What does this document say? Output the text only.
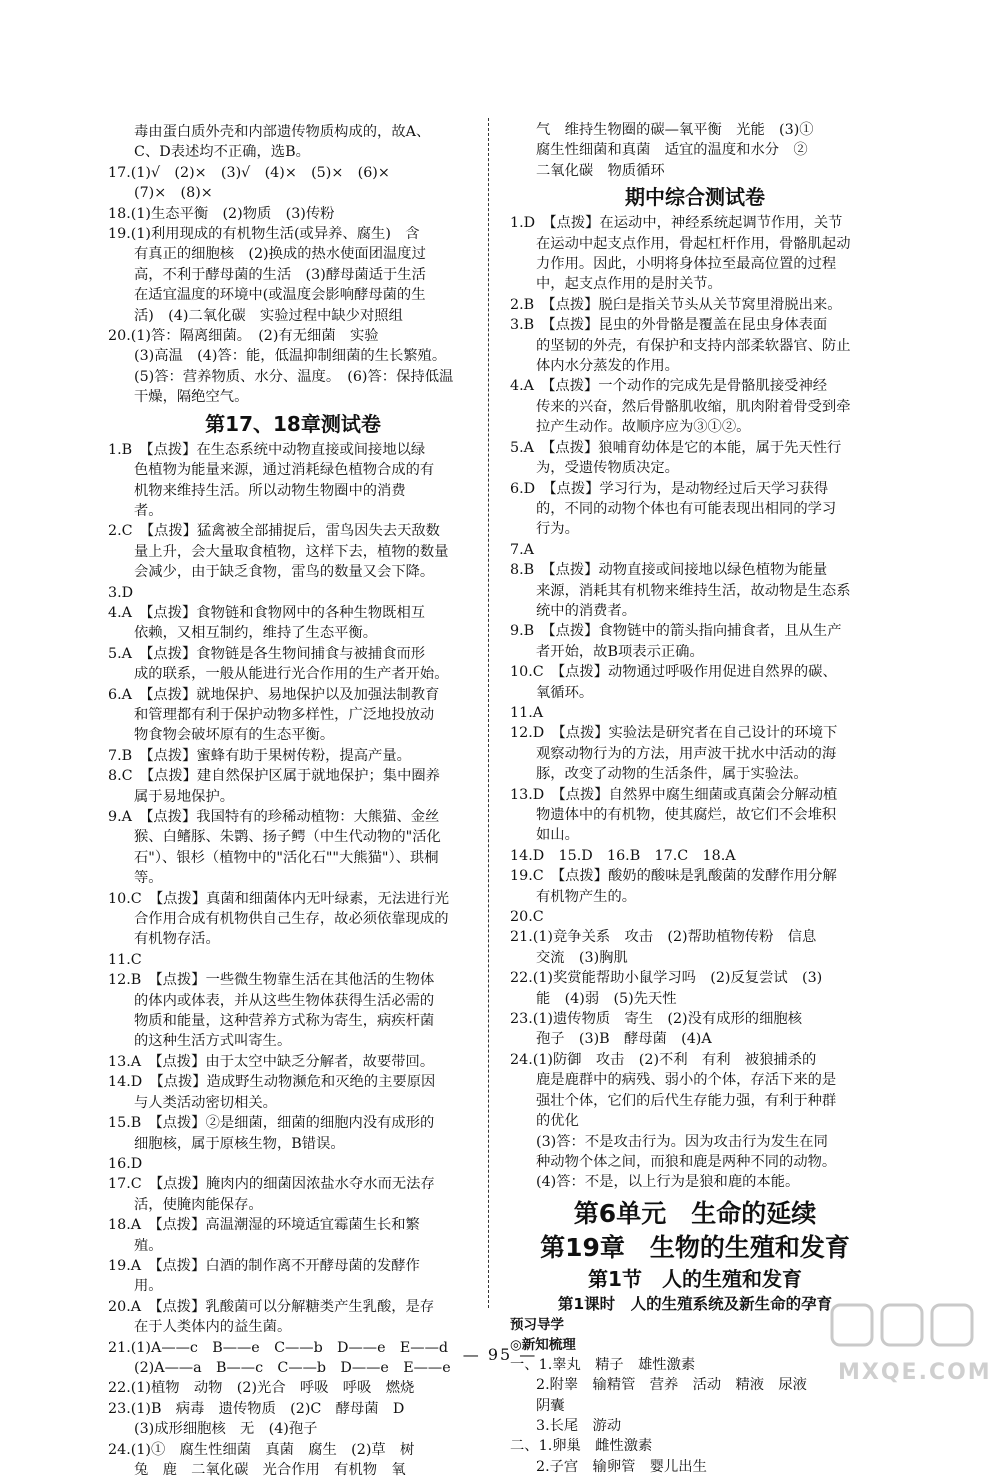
毒由蛋白质外壳和内部遗传物质构成的，故A、

C、D表述均不正确，选B。

17.(1)√　(2)×　(3)√　(4)×　(5)×　(6)×

(7)×　(8)×

18.(1)生态平衡　(2)物质　(3)传粉

19.(1)利用现成的有机物生活(或异养、腐生)　含

有真正的细胞核　(2)换成的热水使面团温度过

高，不利于酵母菌的生活　(3)酵母菌适于生活

在适宜温度的环境中(或温度会影响酵母菌的生

活)　(4)二氧化碳　实验过程中缺少对照组

20.(1)答：隔离细菌。　(2)有无细菌　实验

(3)高温　(4)答：能，低温抑制细菌的生长繁殖。

(5)答：营养物质、水分、温度。　(6)答：保持低温

干燥，隔绝空气。

第17、18章测试卷

1.B　【点拨】在生态系统中动物直接或间接地以绿

色植物为能量来源，通过消耗绿色植物合成的有

机物来维持生活。所以动物生物圈中的消费

者。

2.C　【点拨】猛禽被全部捕捉后，雷鸟因失去天敌数

量上升，会大量取食植物，这样下去，植物的数量

会减少，由于缺乏食物，雷鸟的数量又会下降。

3.D

4.A　【点拨】食物链和食物网中的各种生物既相互

依赖，又相互制约，维持了生态平衡。

5.A　【点拨】食物链是各生物间捕食与被捕食而形

成的联系，一般从能进行光合作用的生产者开始。

6.A　【点拨】就地保护、易地保护以及加强法制教育

和管理都有利于保护动物多样性，广泛地投放动

物食物会破坏原有的生态平衡。

7.B　【点拨】蜜蜂有助于果树传粉，提高产量。

8.C　【点拨】建自然保护区属于就地保护；集中圈养

属于易地保护。

9.A　【点拨】我国特有的珍稀动植物：大熊猫、金丝

猴、白鳍豚、朱鹮、扬子鳄（中生代动物的"活化

石"）、银杉（植物中的"活化石""大熊猫"）、珙桐

等。

10.C　【点拨】真菌和细菌体内无叶绿素，无法进行光

合作用合成有机物供自己生存，故必须依靠现成的

有机物存活。

11.C

12.B　【点拨】一些微生物靠生活在其他活的生物体

的体内或体表，并从这些生物体获得生活必需的

物质和能量，这种营养方式称为寄生，病疾杆菌

的这种生活方式叫寄生。

13.A　【点拨】由于太空中缺乏分解者，故要带回。

14.D　【点拨】造成野生动物濒危和灭绝的主要原因

与人类活动密切相关。

15.B　【点拨】②是细菌，细菌的细胞内没有成形的

细胞核，属于原核生物，B错误。

16.D

17.C　【点拨】腌肉内的细菌因浓盐水夺水而无法存

活，使腌肉能保存。

18.A　【点拨】高温潮湿的环境适宜霉菌生长和繁

殖。

19.A　【点拨】白酒的制作离不开酵母菌的发酵作

用。

20.A　【点拨】乳酸菌可以分解糖类产生乳酸，是存

在于人类体内的益生菌。

21.(1)A——c　B——e　C——b　D——e　E——d

(2)A——a　B——c　C——b　D——e　E——e

22.(1)植物　动物　(2)光合　呼吸　呼吸　燃烧

23.(1)B　病毒　遗传物质　(2)C　酵母菌　D

(3)成形细胞核　无　(4)孢子

24.(1)①　腐生性细菌　真菌　腐生　(2)草　树

兔　鹿　二氧化碳　光合作用　有机物　氧

气　维持生物圈的碳—氧平衡　光能　(3)①

腐生性细菌和真菌　适宜的温度和水分　②

二氧化碳　物质循环

期中综合测试卷

1.D　【点拨】在运动中，神经系统起调节作用，关节

在运动中起支点作用，骨起杠杆作用，骨骼肌起动

力作用。因此，小明将身体拉至最高位置的过程

中，起支点作用的是肘关节。

2.B　【点拨】脱臼是指关节头从关节窝里滑脱出来。

3.B　【点拨】昆虫的外骨骼是覆盖在昆虫身体表面

的坚韧的外壳，有保护和支持内部柔软器官、防止

体内水分蒸发的作用。

4.A　【点拨】一个动作的完成先是骨骼肌接受神经

传来的兴奋，然后骨骼肌收缩，肌肉附着骨受到牵

拉产生动作。故顺序应为③①②。

5.A　【点拨】狼哺育幼体是它的本能，属于先天性行

为，受遗传物质决定。

6.D　【点拨】学习行为，是动物经过后天学习获得

的，不同的动物个体也有可能表现出相同的学习

行为。

7.A

8.B　【点拨】动物直接或间接地以绿色植物为能量

来源，消耗其有机物来维持生活，故动物是生态系

统中的消费者。

9.B　【点拨】食物链中的箭头指向捕食者，且从生产

者开始，故B项表示正确。

10.C　【点拨】动物通过呼吸作用促进自然界的碳、

氧循环。

11.A

12.D　【点拨】实验法是研究者在自己设计的环境下

观察动物行为的方法，用声波干扰水中活动的海

豚，改变了动物的生活条件，属于实验法。

13.D　【点拨】自然界中腐生细菌或真菌会分解动植

物遗体中的有机物，使其腐烂，故它们不会堆积

如山。

14.D　15.D　16.B　17.C　18.A

19.C　【点拨】酸奶的酸味是乳酸菌的发酵作用分解

有机物产生的。

20.C

21.(1)竞争关系　攻击　(2)帮助植物传粉　信息

交流　(3)胸肌

22.(1)奖赏能帮助小鼠学习吗　(2)反复尝试　(3)

能　(4)弱　(5)先天性

23.(1)遗传物质　寄生　(2)没有成形的细胞核

孢子　(3)B　酵母菌　(4)A

24.(1)防御　攻击　(2)不利　有利　被狼捕杀的

鹿是鹿群中的病残、弱小的个体，存活下来的是

强壮个体，它们的后代生存能力强，有利于种群

的优化

(3)答：不是攻击行为。因为攻击行为发生在同

种动物个体之间，而狼和鹿是两种不同的动物。

(4)答：不是，以上行为是狼和鹿的本能。

第6单元　生命的延续
第19章　生物的生殖和发育
第1节　人的生殖和发育
第1课时　人的生殖系统及新生命的孕育
预习导学
◎新知梳理

一、1.睾丸　精子　雄性激素

2.附睾　输精管　营养　活动　精液　尿液

阴囊

3.长尾　游动

二、1.卵巢　雌性激素

2.子宫　输卵管　婴儿出生

— 95 —
MXQE.COM
